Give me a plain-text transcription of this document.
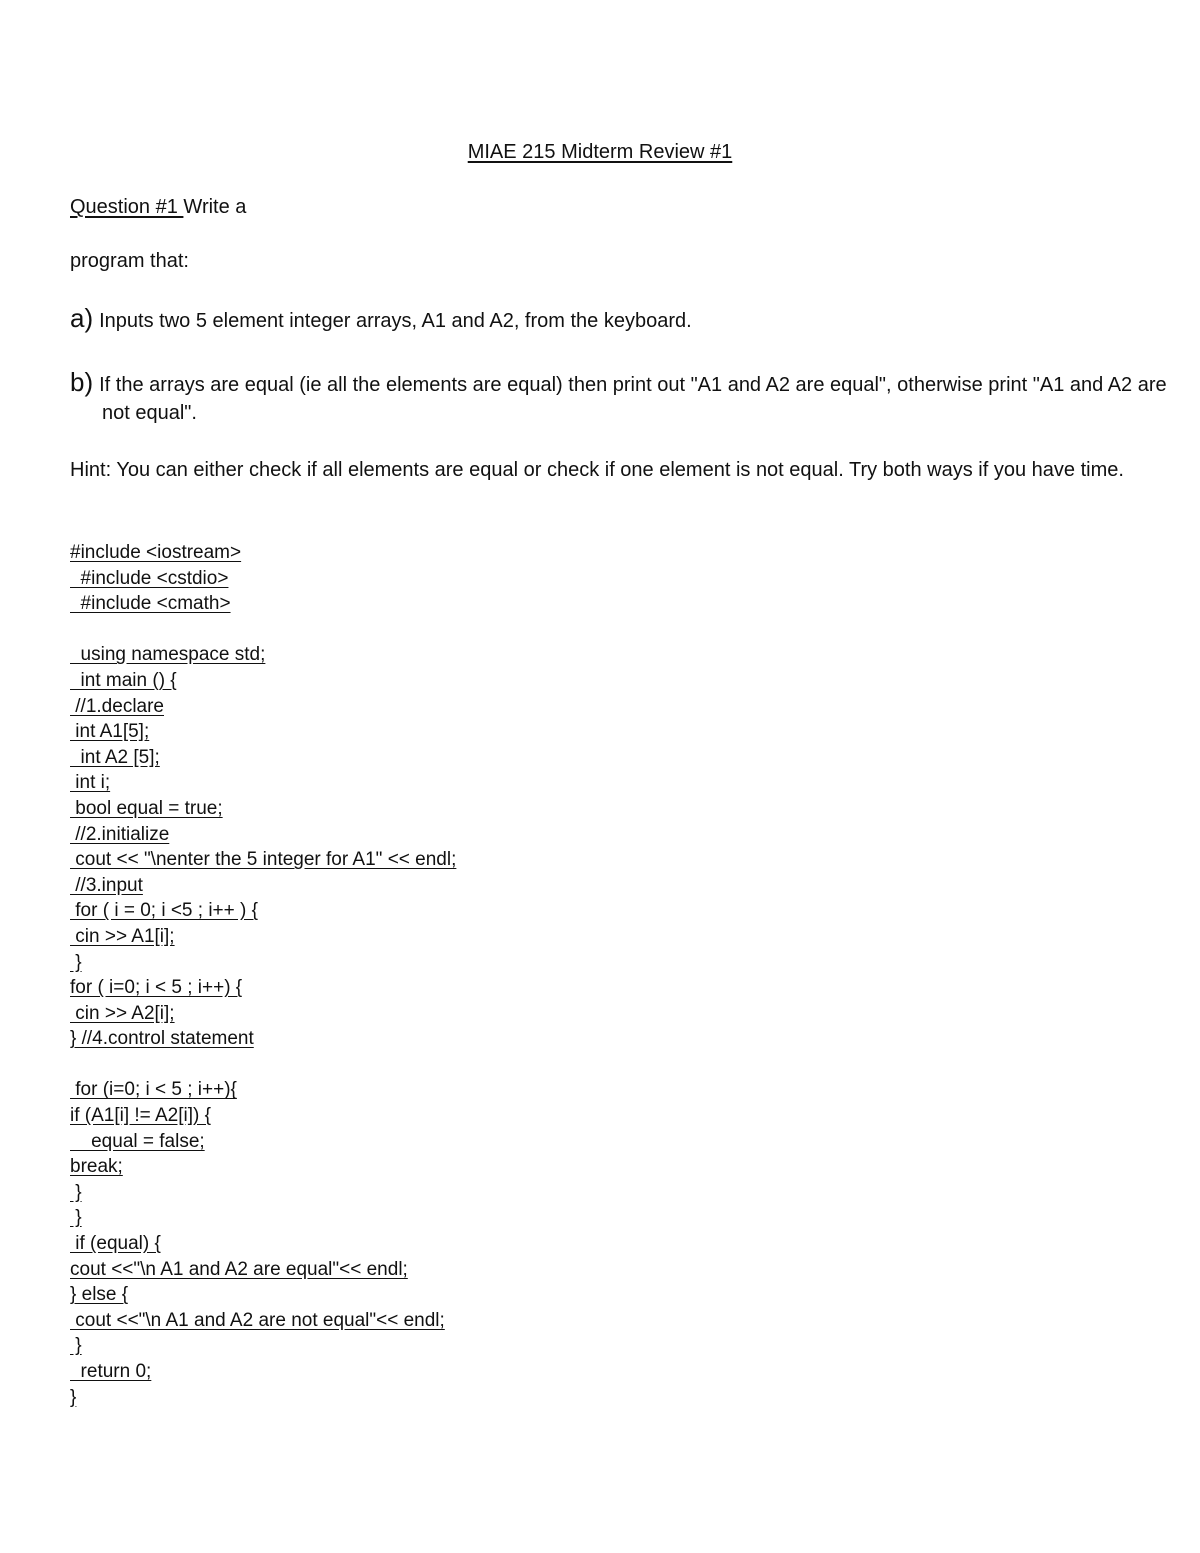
MIAE 215 Midterm Review #1
Question #1 Write a
program that:
a) Inputs two 5 element integer arrays, A1 and A2, from the keyboard.
b) If the arrays are equal (ie all the elements are equal) then print out "A1 and A2 are equal", otherwise print "A1 and A2 are not equal".
Hint: You can either check if all elements are equal or check if one element is not equal. Try both ways if you have time.
#include <iostream>
#include <cstdio>
#include <cmath>
using namespace std;
int main () {
//1.declare
int A1[5];
int A2 [5];
int i;
bool equal = true;
//2.initialize
cout << "\nenter the 5 integer for A1" << endl;
//3.input
for ( i = 0; i <5 ; i++ ) {
cin >> A1[i];
}
for ( i=0; i < 5 ; i++) {
cin >> A2[i];
} //4.control statement
for (i=0; i < 5 ; i++){
if (A1[i] != A2[i]) {
equal = false;
break;
}
}
if (equal) {
cout <<"\n A1 and A2 are equal"<< endl;
} else {
cout <<"\n A1 and A2 are not equal"<< endl;
}
return 0;
}
